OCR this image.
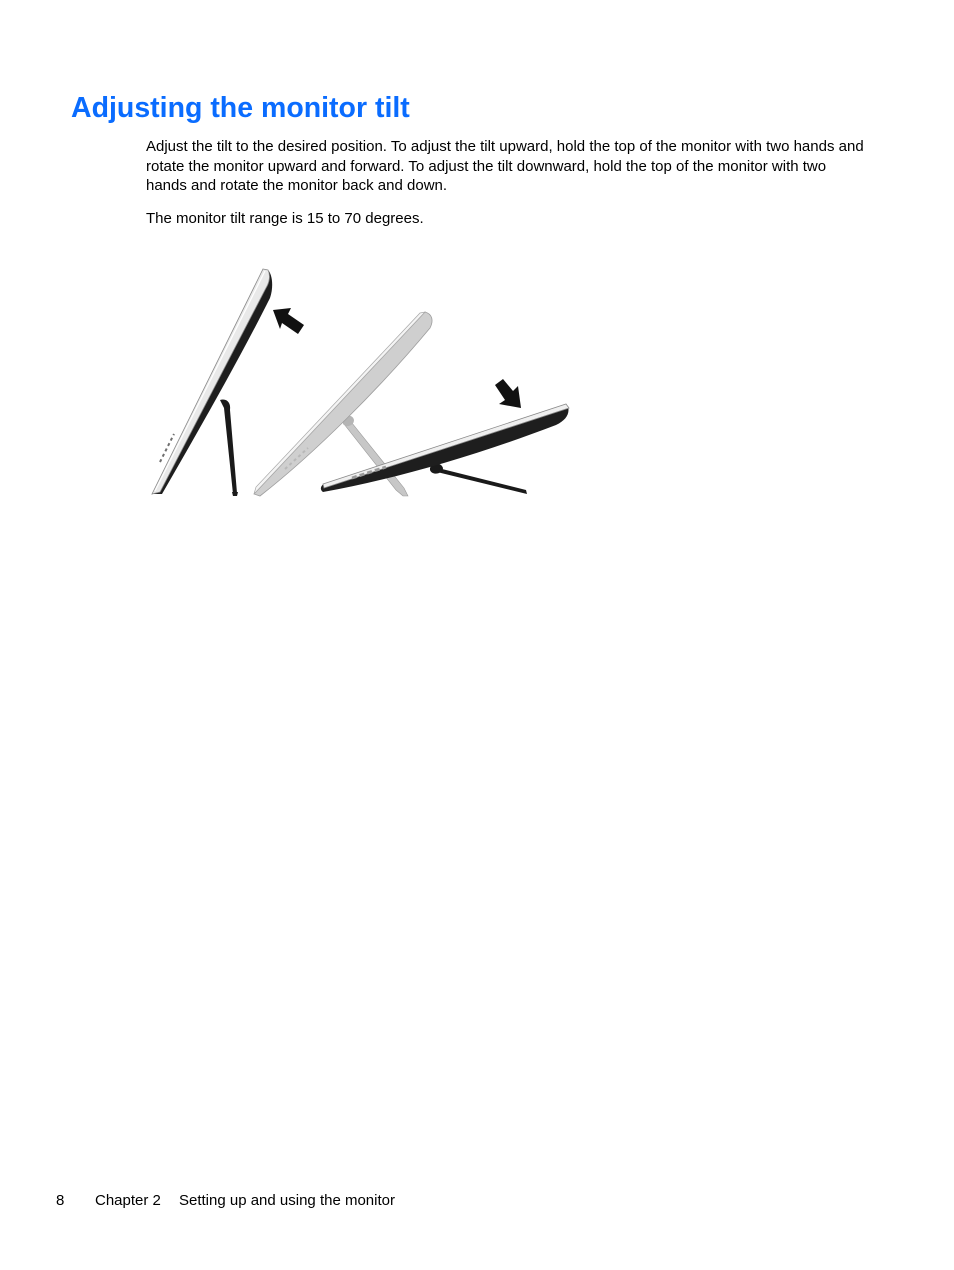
Adjusting the monitor tilt

Adjust the tilt to the desired position. To adjust the tilt upward, hold the top of the monitor with two hands and rotate the monitor upward and forward. To adjust the tilt downward, hold the top of the monitor with two hands and rotate the monitor back and down.

The monitor tilt range is 15 to 70 degrees.

8 Chapter 2 Setting up and using the monitor
